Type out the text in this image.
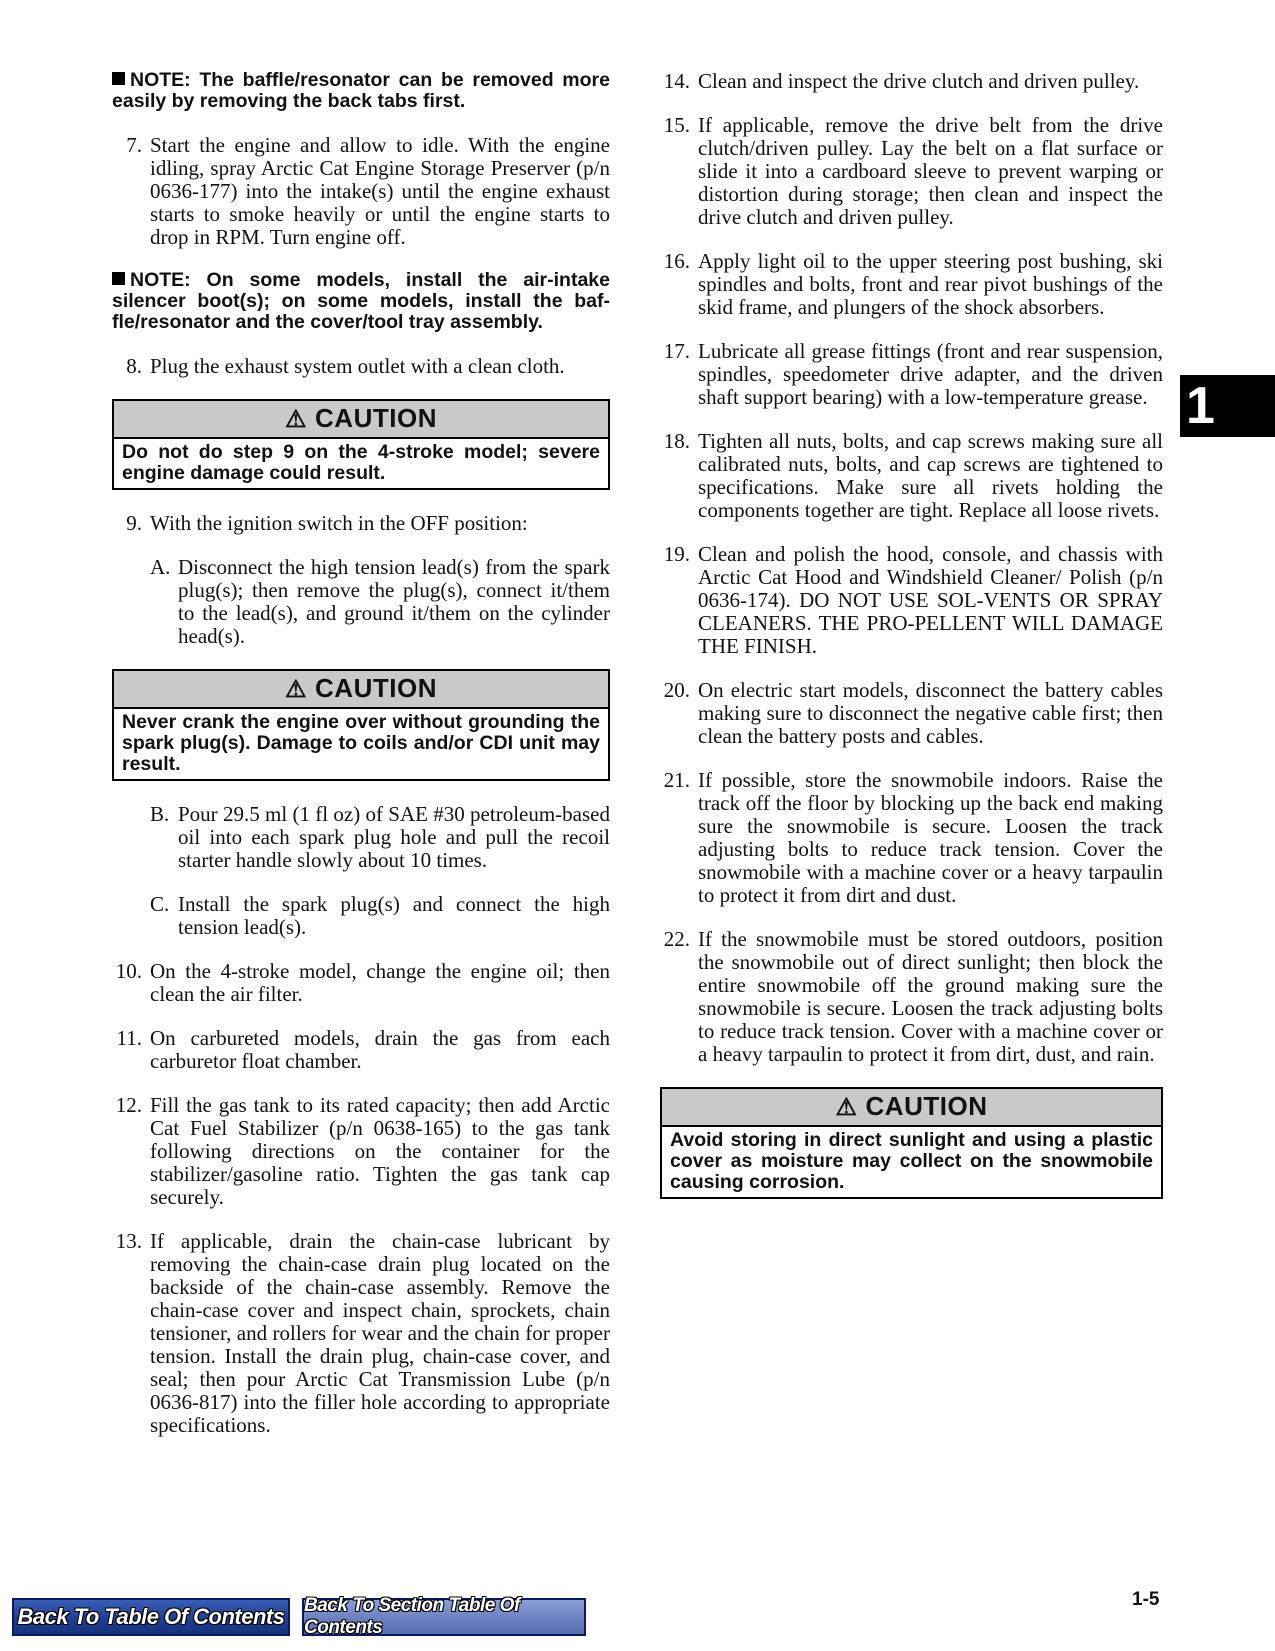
NOTE: The baffle/resonator can be removed more easily by removing the back tabs first.

7. Start the engine and allow to idle. With the engine idling, spray Arctic Cat Engine Storage Preserver (p/n 0636-177) into the intake(s) until the engine exhaust starts to smoke heavily or until the engine starts to drop in RPM. Turn engine off.

NOTE: On some models, install the air-intake silencer boot(s); on some models, install the baf-fle/resonator and the cover/tool tray assembly.

8. Plug the exhaust system outlet with a clean cloth.
⚠ CAUTION
Do not do step 9 on the 4-stroke model; severe engine damage could result.
9. With the ignition switch in the OFF position:
A. Disconnect the high tension lead(s) from the spark plug(s); then remove the plug(s), connect it/them to the lead(s), and ground it/them on the cylinder head(s).
⚠ CAUTION
Never crank the engine over without grounding the spark plug(s). Damage to coils and/or CDI unit may result.
B. Pour 29.5 ml (1 fl oz) of SAE #30 petroleum-based oil into each spark plug hole and pull the recoil starter handle slowly about 10 times.
C. Install the spark plug(s) and connect the high tension lead(s).
10. On the 4-stroke model, change the engine oil; then clean the air filter.
11. On carbureted models, drain the gas from each carburetor float chamber.
12. Fill the gas tank to its rated capacity; then add Arctic Cat Fuel Stabilizer (p/n 0638-165) to the gas tank following directions on the container for the stabilizer/gasoline ratio. Tighten the gas tank cap securely.
13. If applicable, drain the chain-case lubricant by removing the chain-case drain plug located on the backside of the chain-case assembly. Remove the chain-case cover and inspect chain, sprockets, chain tensioner, and rollers for wear and the chain for proper tension. Install the drain plug, chain-case cover, and seal; then pour Arctic Cat Transmission Lube (p/n 0636-817) into the filler hole according to appropriate specifications.
14. Clean and inspect the drive clutch and driven pulley.
15. If applicable, remove the drive belt from the drive clutch/driven pulley. Lay the belt on a flat surface or slide it into a cardboard sleeve to prevent warping or distortion during storage; then clean and inspect the drive clutch and driven pulley.
16. Apply light oil to the upper steering post bushing, ski spindles and bolts, front and rear pivot bushings of the skid frame, and plungers of the shock absorbers.
17. Lubricate all grease fittings (front and rear suspension, spindles, speedometer drive adapter, and the driven shaft support bearing) with a low-temperature grease.
18. Tighten all nuts, bolts, and cap screws making sure all calibrated nuts, bolts, and cap screws are tightened to specifications. Make sure all rivets holding the components together are tight. Replace all loose rivets.
19. Clean and polish the hood, console, and chassis with Arctic Cat Hood and Windshield Cleaner/ Polish (p/n 0636-174). DO NOT USE SOL-VENTS OR SPRAY CLEANERS. THE PRO-PELLENT WILL DAMAGE THE FINISH.
20. On electric start models, disconnect the battery cables making sure to disconnect the negative cable first; then clean the battery posts and cables.
21. If possible, store the snowmobile indoors. Raise the track off the floor by blocking up the back end making sure the snowmobile is secure. Loosen the track adjusting bolts to reduce track tension. Cover the snowmobile with a machine cover or a heavy tarpaulin to protect it from dirt and dust.
22. If the snowmobile must be stored outdoors, position the snowmobile out of direct sunlight; then block the entire snowmobile off the ground making sure the snowmobile is secure. Loosen the track adjusting bolts to reduce track tension. Cover with a machine cover or a heavy tarpaulin to protect it from dirt, dust, and rain.
⚠ CAUTION
Avoid storing in direct sunlight and using a plastic cover as moisture may collect on the snowmobile causing corrosion.
1
1-5
Back To Table Of Contents Back To Section Table Of Contents
